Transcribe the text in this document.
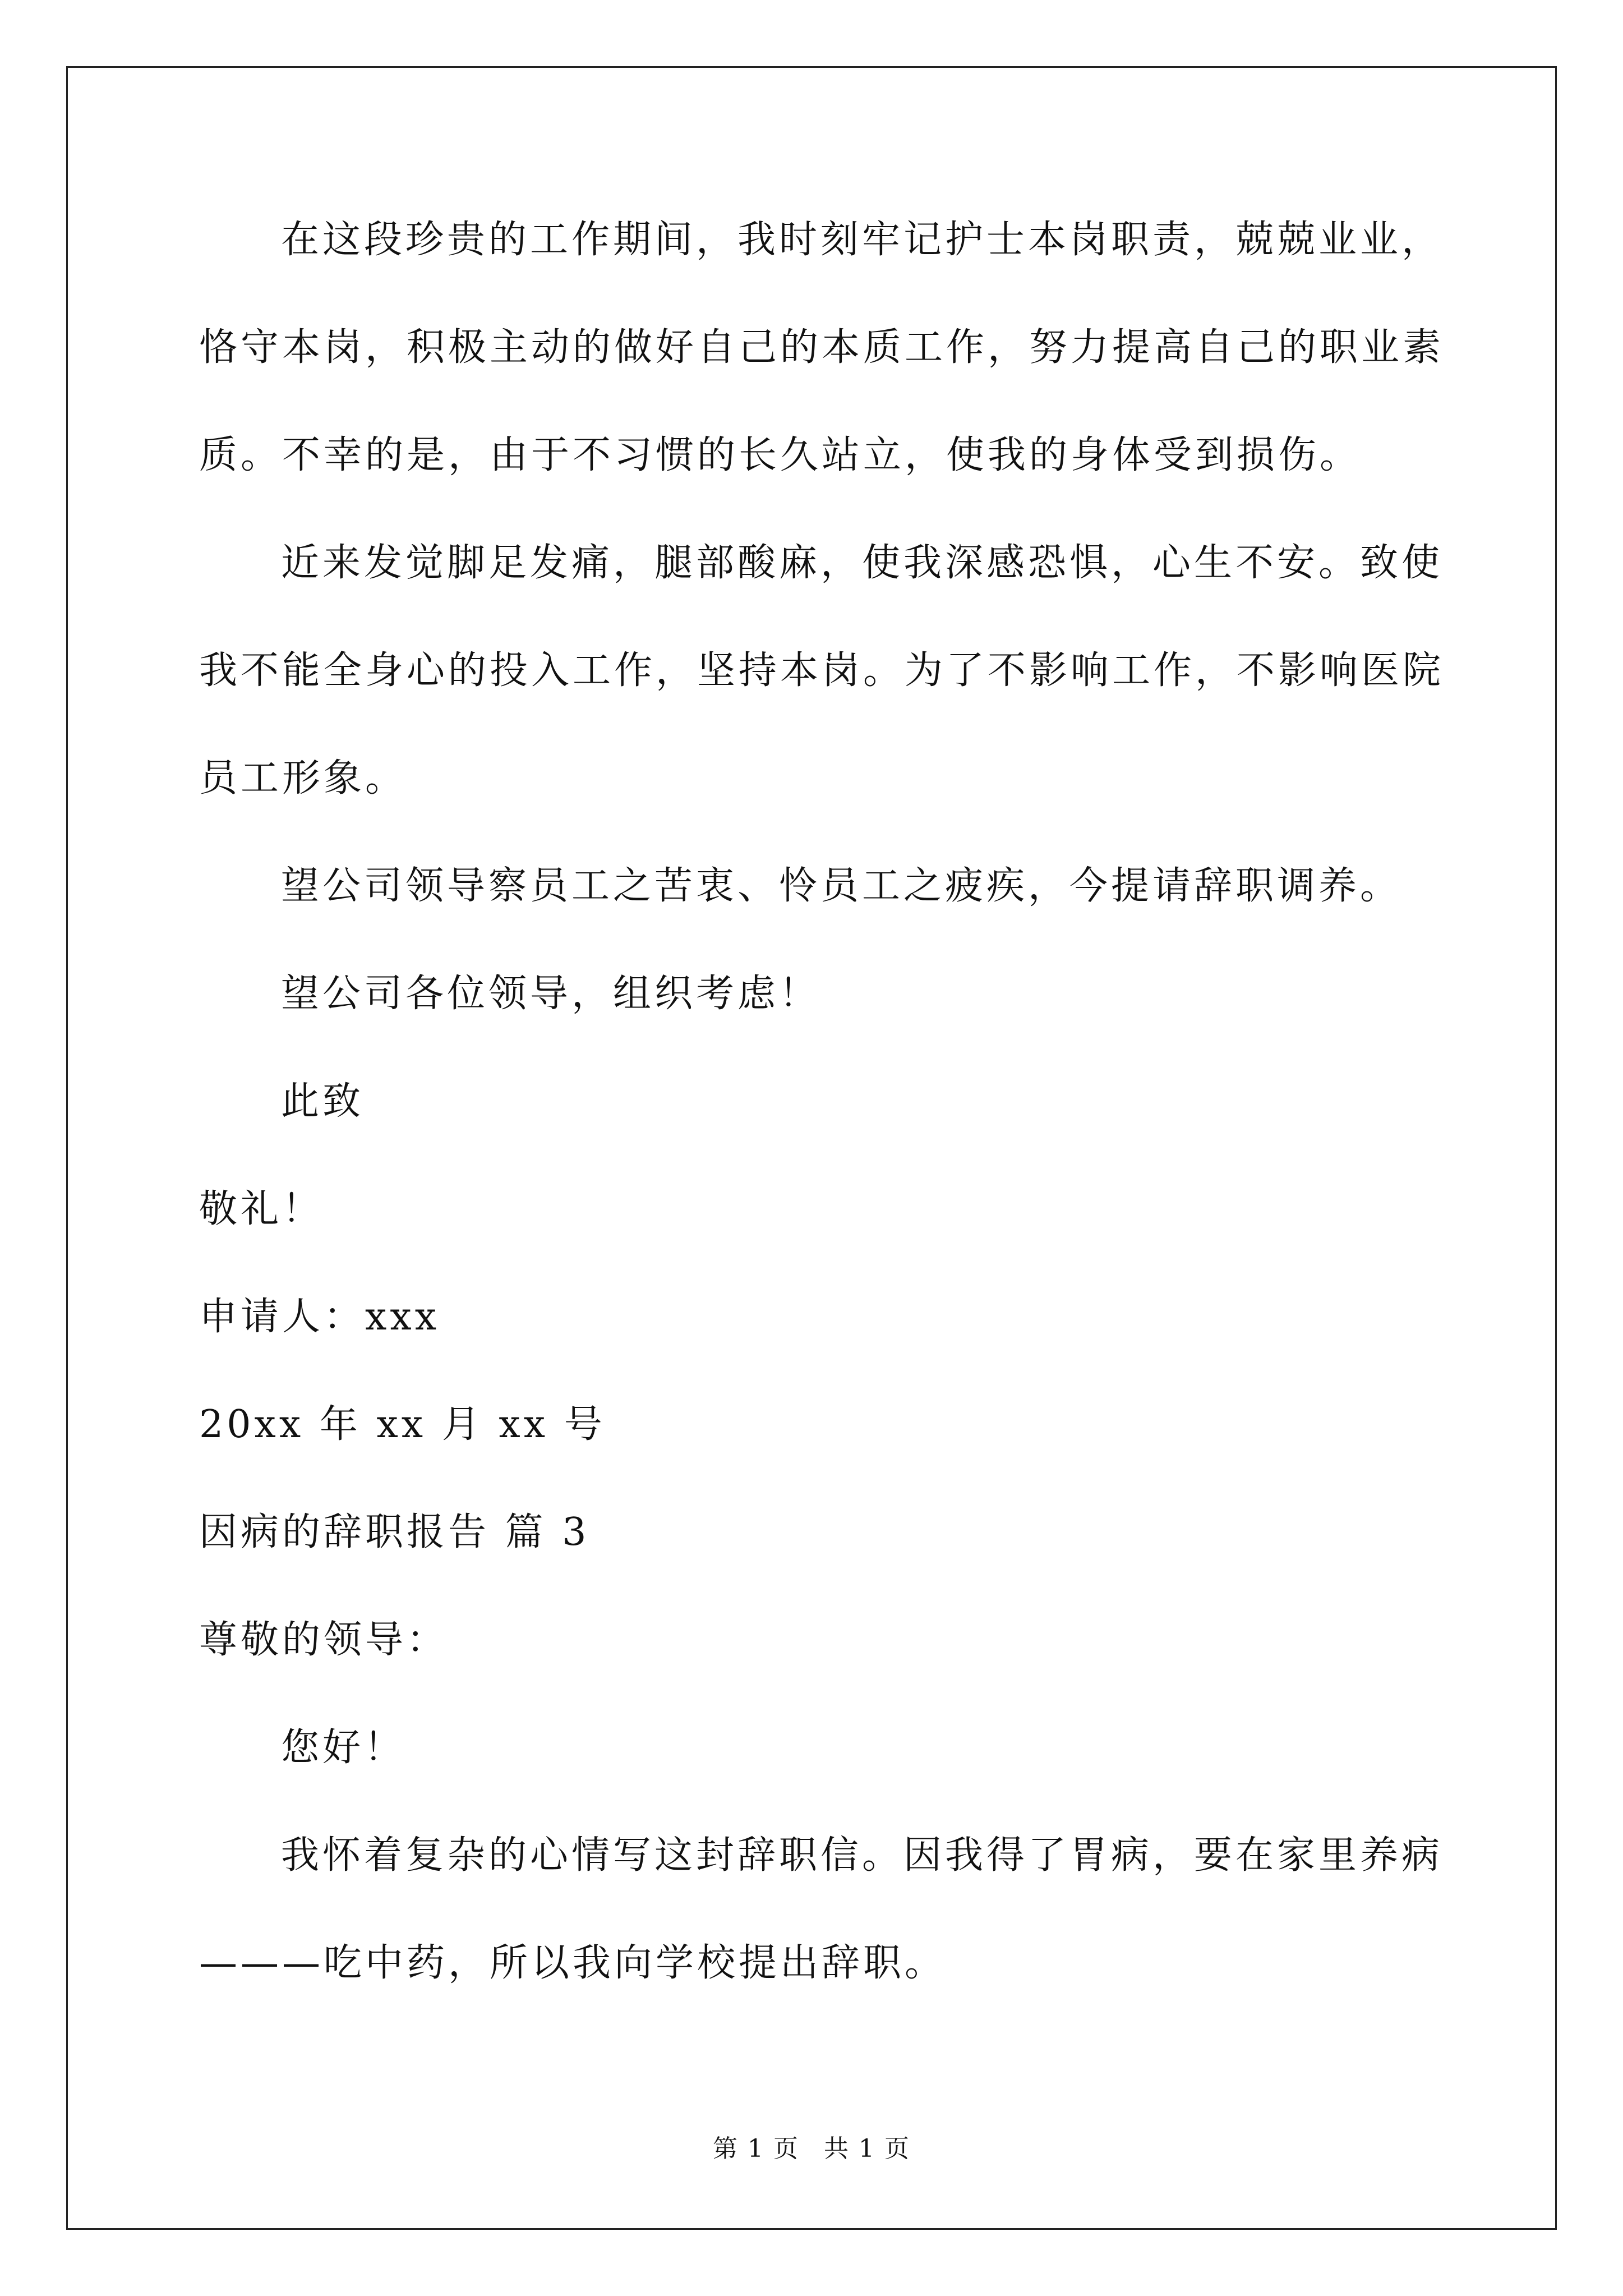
在这段珍贵的工作期间，我时刻牢记护士本岗职责，兢兢业业，
恪守本岗，积极主动的做好自己的本质工作，努力提高自己的职业素
质。不幸的是，由于不习惯的长久站立，使我的身体受到损伤。
近来发觉脚足发痛，腿部酸麻，使我深感恐惧，心生不安。致使
我不能全身心的投入工作，坚持本岗。为了不影响工作，不影响医院
员工形象。
望公司领导察员工之苦衷、怜员工之疲疾，今提请辞职调养。
望公司各位领导，组织考虑！
此致
敬礼！
申请人：xxx
20xx 年 xx 月 xx 号
因病的辞职报告 篇 3
尊敬的领导：
您好！
我怀着复杂的心情写这封辞职信。因我得了胃病，要在家里养病
———吃中药，所以我向学校提出辞职。
第 1 页 共 1 页
